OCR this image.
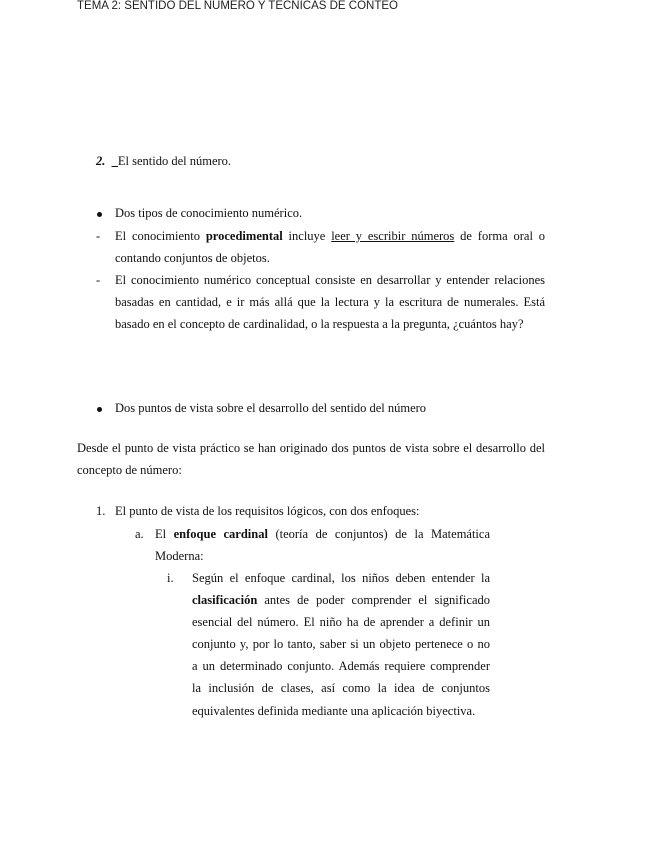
TEMA 2: SENTIDO DEL NÚMERO Y TÉCNICAS DE CONTEO
2. _El sentido del número.
Dos tipos de conocimiento numérico.
- El conocimiento procedimental incluye leer y escribir números de forma oral o
contando conjuntos de objetos.
- El conocimiento numérico conceptual consiste en desarrollar y entender relaciones
basadas en cantidad, e ir más allá que la lectura y la escritura de numerales. Está
basado en el concepto de cardinalidad, o la respuesta a la pregunta, ¿cuántos hay?
Dos puntos de vista sobre el desarrollo del sentido del número
Desde el punto de vista práctico se han originado dos puntos de vista sobre el desarrollo del
concepto de número:
1. El punto de vista de los requisitos lógicos, con dos enfoques:
a. El enfoque cardinal (teoría de conjuntos) de la Matemática
Moderna:
i. Según el enfoque cardinal, los niños deben entender la
clasificación antes de poder comprender el significado
esencial del número. El niño ha de aprender a definir un
conjunto y, por lo tanto, saber si un objeto pertenece o no
a un determinado conjunto. Además requiere comprender
la inclusión de clases, así como la idea de conjuntos
equivalentes definida mediante una aplicación biyectiva.
